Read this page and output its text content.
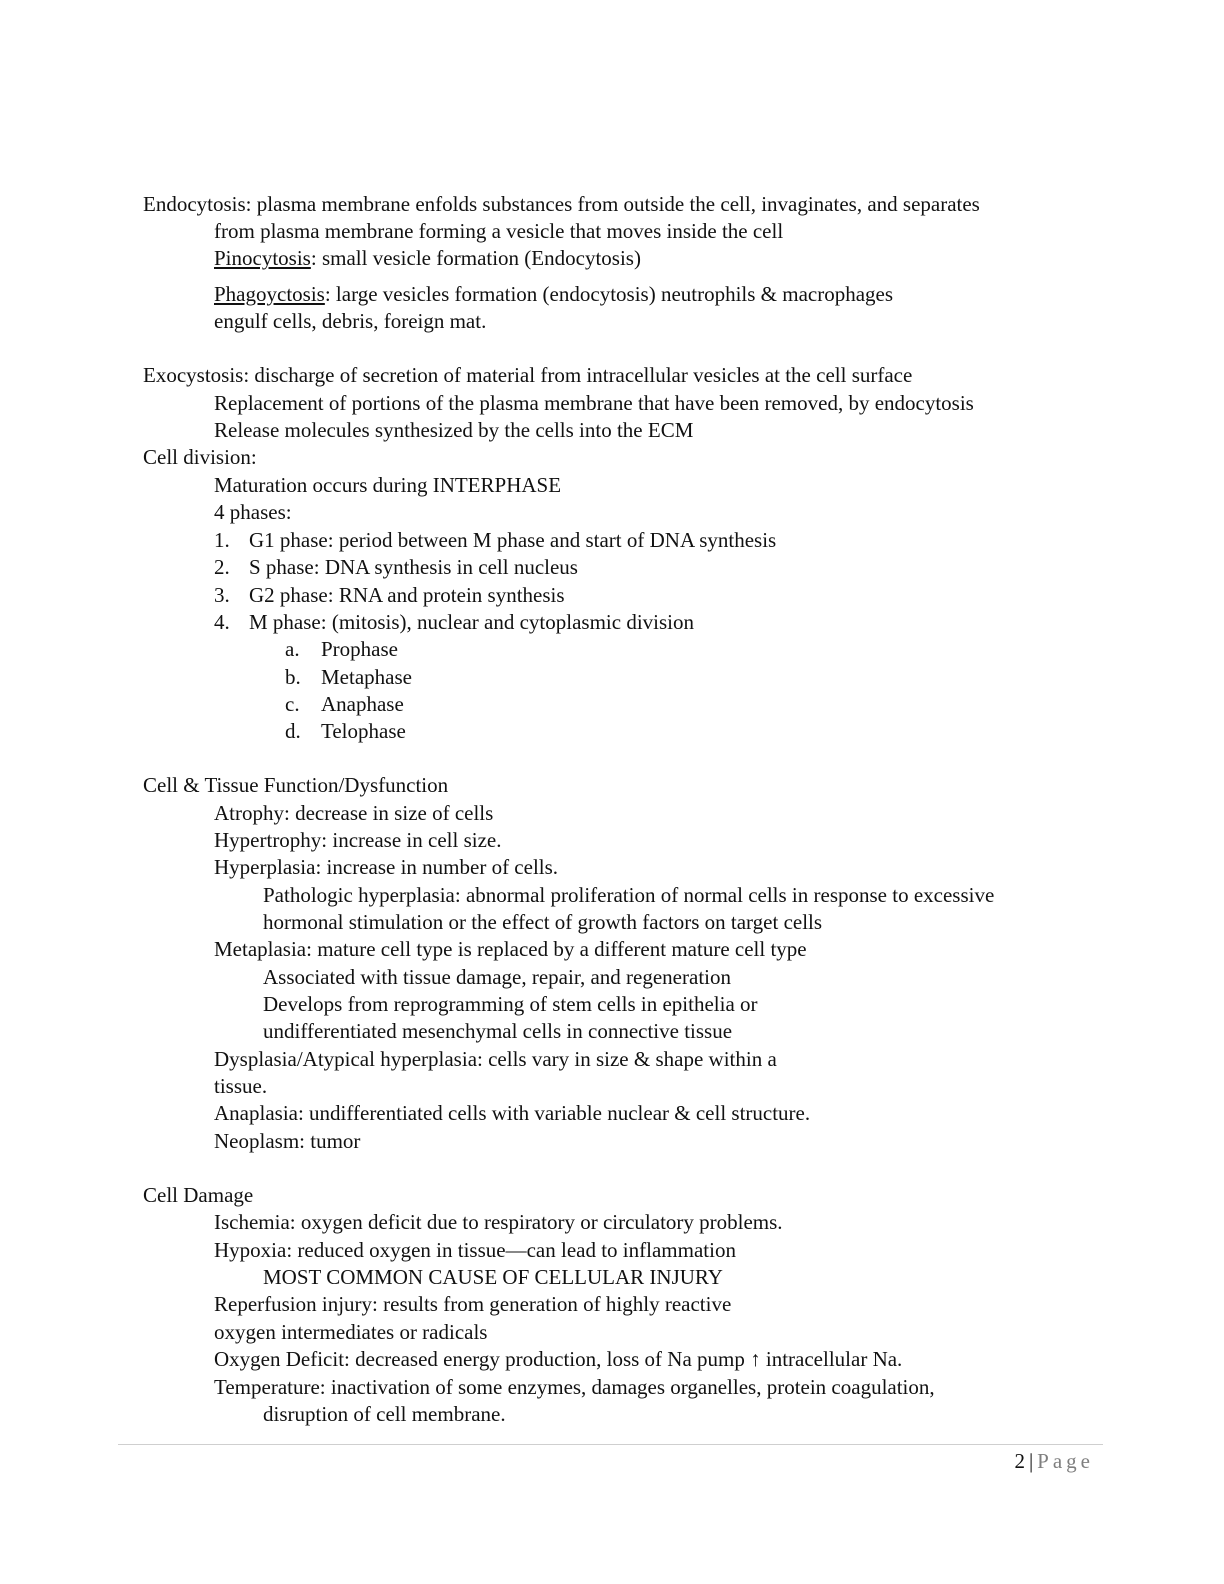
Endocytosis: plasma membrane enfolds substances from outside the cell, invaginates, and separates
from plasma membrane forming a vesicle that moves inside the cell
Pinocytosis: small vesicle formation (Endocytosis)
Phagoyctosis: large vesicles formation (endocytosis) neutrophils & macrophages
engulf cells, debris, foreign mat.
Exocystosis: discharge of secretion of material from intracellular vesicles at the cell surface
Replacement of portions of the plasma membrane that have been removed, by endocytosis
Release molecules synthesized by the cells into the ECM
Cell division:
Maturation occurs during INTERPHASE
4 phases:
1. G1 phase: period between M phase and start of DNA synthesis
2. S phase: DNA synthesis in cell nucleus
3. G2 phase: RNA and protein synthesis
4. M phase: (mitosis), nuclear and cytoplasmic division
a. Prophase
b. Metaphase
c. Anaphase
d. Telophase
Cell & Tissue Function/Dysfunction
Atrophy: decrease in size of cells
Hypertrophy: increase in cell size.
Hyperplasia: increase in number of cells.
Pathologic hyperplasia: abnormal proliferation of normal cells in response to excessive
hormonal stimulation or the effect of growth factors on target cells
Metaplasia: mature cell type is replaced by a different mature cell type
Associated with tissue damage, repair, and regeneration
Develops from reprogramming of stem cells in epithelia or
undifferentiated mesenchymal cells in connective tissue
Dysplasia/Atypical hyperplasia: cells vary in size & shape within a
tissue.
Anaplasia: undifferentiated cells with variable nuclear & cell structure.
Neoplasm: tumor
Cell Damage
Ischemia: oxygen deficit due to respiratory or circulatory problems.
Hypoxia: reduced oxygen in tissue—can lead to inflammation
MOST COMMON CAUSE OF CELLULAR INJURY
Reperfusion injury: results from generation of highly reactive
oxygen intermediates or radicals
Oxygen Deficit: decreased energy production, loss of Na pump ↑ intracellular Na.
Temperature: inactivation of some enzymes, damages organelles, protein coagulation,
disruption of cell membrane.
2 | Page
